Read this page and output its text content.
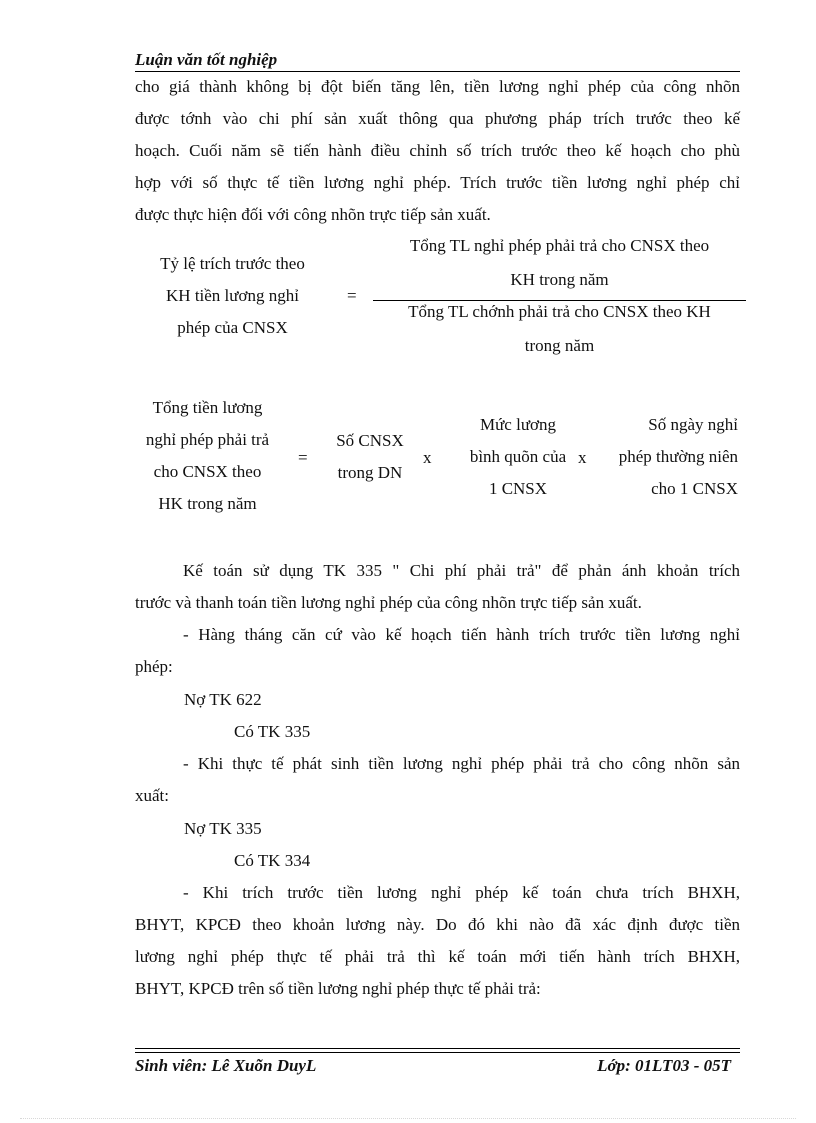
Luận văn tốt nghiệp
cho giá thành không bị đột biến tăng lên, tiền lương nghỉ phép của công nhõn
được tớnh vào chi phí sản xuất thông qua phương pháp trích trước theo kế
hoạch. Cuối năm sẽ tiến hành điều chỉnh số trích trước theo kế hoạch cho phù
hợp với số thực tế tiền lương nghỉ phép. Trích trước tiền lương nghỉ phép chỉ
được thực hiện đối với công nhõn trực tiếp sản xuất.
Tỷ lệ trích trước theo
KH tiền lương nghỉ
phép của CNSX
=
Tổng TL nghỉ phép phải trả cho CNSX theo
KH trong năm
Tổng TL chớnh phải trả cho CNSX theo KH
trong năm
Tổng tiền lương
nghỉ phép phải trả
cho CNSX theo
HK trong năm
=
Số CNSX
trong DN
x
Mức lương
bình quõn của
1 CNSX
x
Số ngày nghỉ
phép thường niên
cho 1 CNSX
Kế toán sử dụng TK 335 " Chi phí phải trả" để phản ánh khoản trích
trước và thanh toán tiền lương nghỉ phép của công nhõn trực tiếp sản xuất.
- Hàng tháng căn cứ vào kế hoạch tiến hành trích trước tiền lương nghỉ
phép:
Nợ TK 622
Có TK 335
- Khi thực tế phát sinh tiền lương nghỉ phép phải trả cho công nhõn sản
xuất:
Nợ TK 335
Có TK 334
- Khi trích trước tiền lương nghỉ phép kế toán chưa trích BHXH,
BHYT, KPCĐ theo khoản lương này. Do đó khi nào đã xác định được tiền
lương nghỉ phép thực tế phải trả thì kế toán mới tiến hành trích BHXH,
BHYT, KPCĐ trên số tiền lương nghỉ phép thực tế phải trả:
Sinh viên: Lê Xuõn DuyL	Lớp: 01LT03 - 05T
